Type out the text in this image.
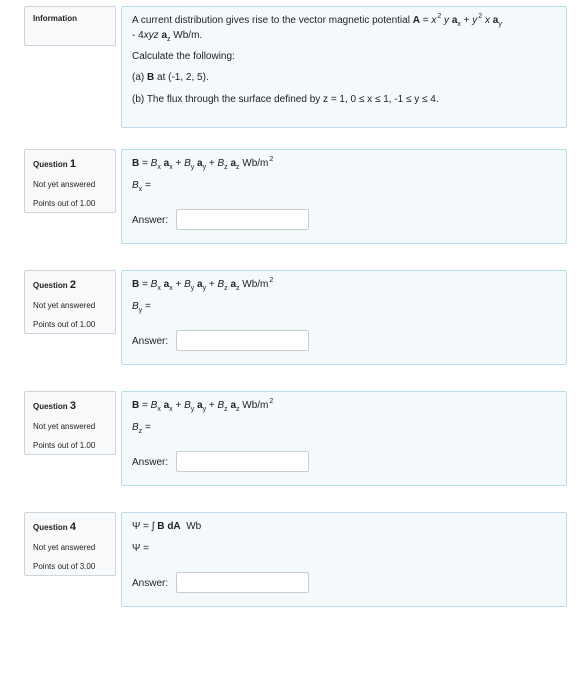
Information	A current distribution gives rise to the vector magnetic potential $A = x^2$ y $a_x + y^2$ x $a_y$
- 4xyz $a_z$ Wb/m.
Calculate the following:
(a) B at (-1, 2, 5).
(b) The flux through the surface defined by z = 1, 0 ≤ x ≤ 1, -1 ≤ y ≤ 4.
Question 1
Not yet answered
Points out of 1.00
$B = B_x$ $a_x + B_y$ $a_y + B_z$ $a_z$ $Wb/m^2$
$B_x$ =
Answer:
Question 2
Not yet answered
Points out of 1.00
$B = B_x$ $a_x + B_y$ $a_y + B_z$ $a_z$ $Wb/m^2$
$B_y$ =
Answer:
Question 3
Not yet answered
Points out of 1.00
$B = B_x$ $a_x + B_y$ $a_y + B_z$ $a_z$ $Wb/m^2$
$B_z$ =
Answer:
Question 4
Not yet answered
Points out of 3.00
Ψ = ∫ B dA Wb
Ψ =
Answer:
